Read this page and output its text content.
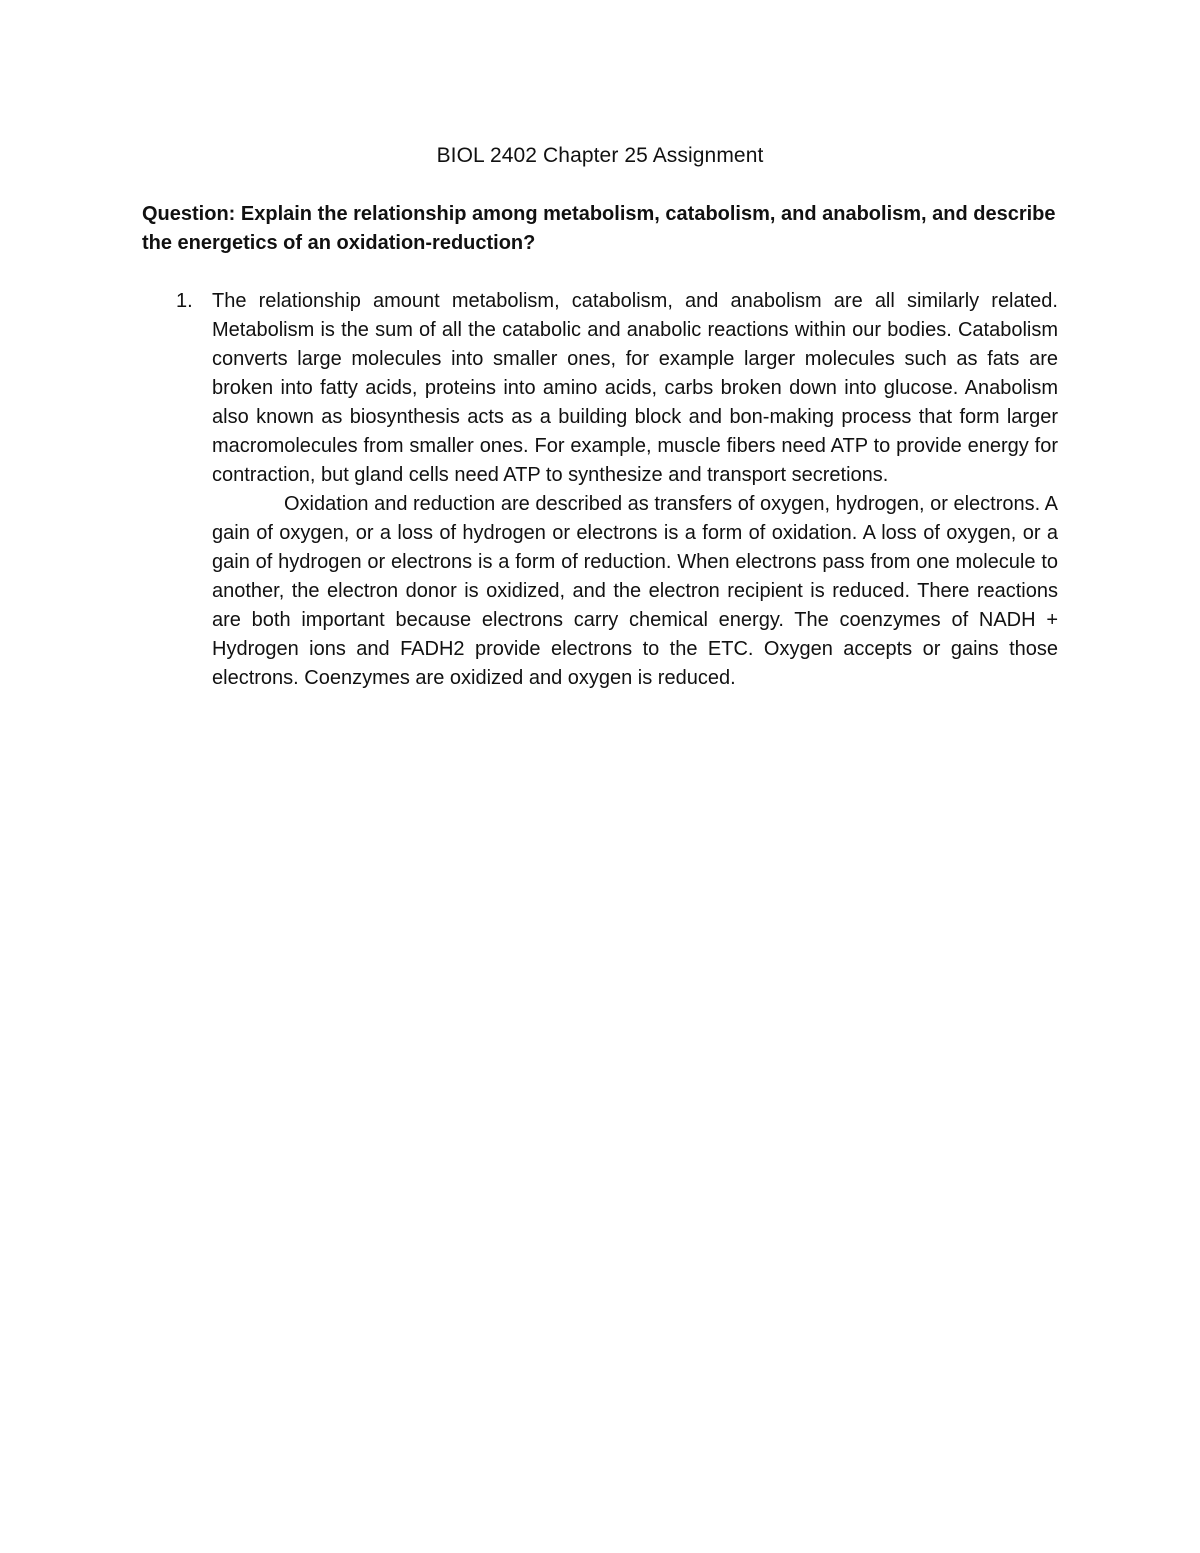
BIOL 2402 Chapter 25 Assignment

Question: Explain the relationship among metabolism, catabolism, and anabolism, and describe the energetics of an oxidation-reduction?

1. The relationship amount metabolism, catabolism, and anabolism are all similarly related. Metabolism is the sum of all the catabolic and anabolic reactions within our bodies. Catabolism converts large molecules into smaller ones, for example larger molecules such as fats are broken into fatty acids, proteins into amino acids, carbs broken down into glucose. Anabolism also known as biosynthesis acts as a building block and bon-making process that form larger macromolecules from smaller ones. For example, muscle fibers need ATP to provide energy for contraction, but gland cells need ATP to synthesize and transport secretions.

Oxidation and reduction are described as transfers of oxygen, hydrogen, or electrons. A gain of oxygen, or a loss of hydrogen or electrons is a form of oxidation. A loss of oxygen, or a gain of hydrogen or electrons is a form of reduction. When electrons pass from one molecule to another, the electron donor is oxidized, and the electron recipient is reduced. There reactions are both important because electrons carry chemical energy. The coenzymes of NADH + Hydrogen ions and FADH2 provide electrons to the ETC. Oxygen accepts or gains those electrons. Coenzymes are oxidized and oxygen is reduced.
